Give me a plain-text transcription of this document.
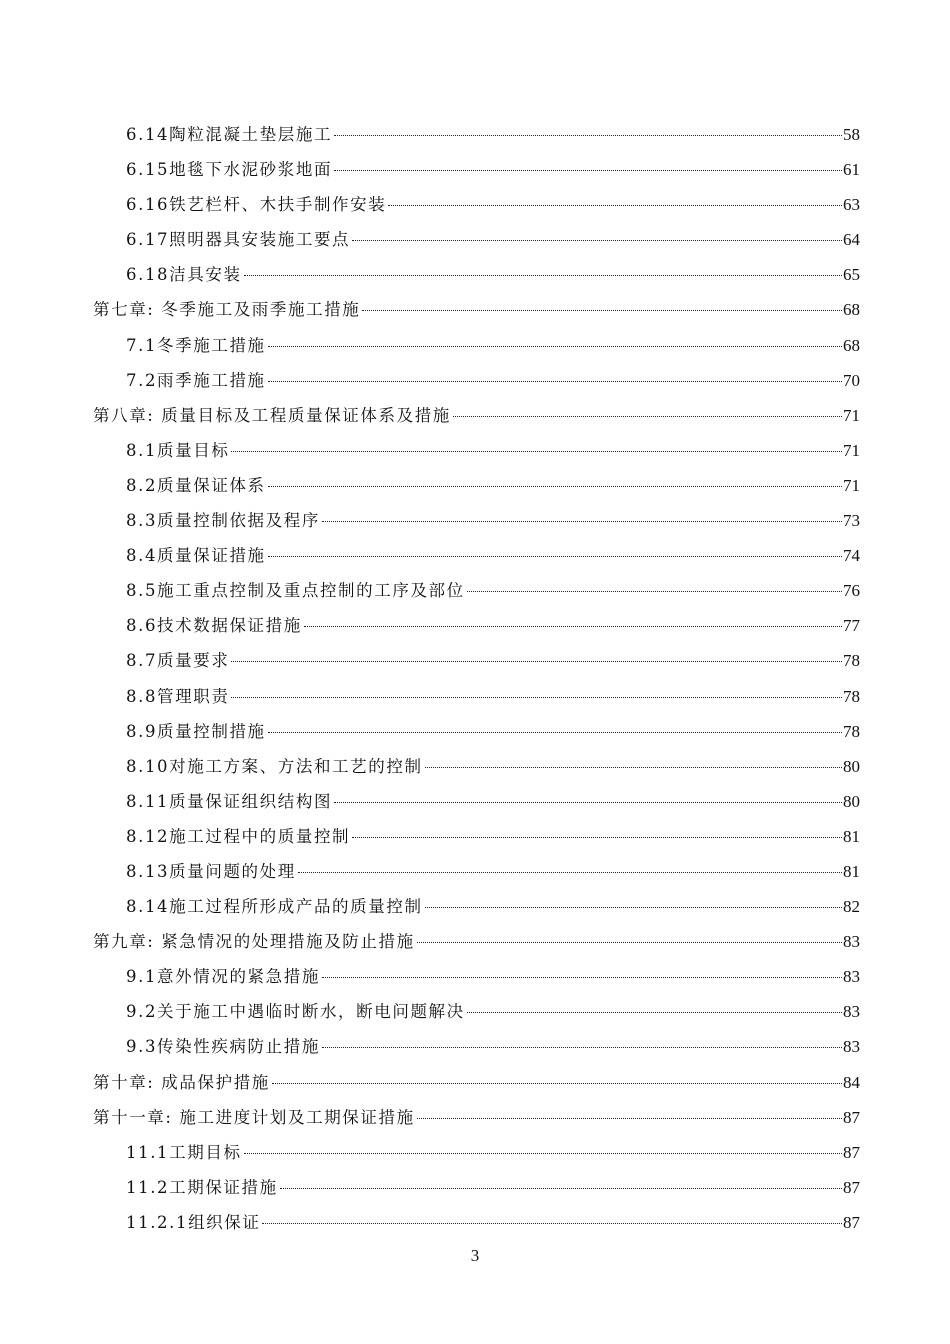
6.14陶粒混凝土垫层施工	58
6.15地毯下水泥砂浆地面	61
6.16铁艺栏杆、木扶手制作安装	63
6.17照明器具安装施工要点	64
6.18洁具安装	65
第七章: 冬季施工及雨季施工措施	68
7.1冬季施工措施	68
7.2雨季施工措施	70
第八章: 质量目标及工程质量保证体系及措施	71
8.1质量目标	71
8.2质量保证体系	71
8.3质量控制依据及程序	73
8.4质量保证措施	74
8.5施工重点控制及重点控制的工序及部位	76
8.6技术数据保证措施	77
8.7质量要求	78
8.8管理职责	78
8.9质量控制措施	78
8.10对施工方案、方法和工艺的控制	80
8.11质量保证组织结构图	80
8.12施工过程中的质量控制	81
8.13质量问题的处理	81
8.14施工过程所形成产品的质量控制	82
第九章: 紧急情况的处理措施及防止措施	83
9.1意外情况的紧急措施	83
9.2关于施工中遇临时断水，断电问题解决	83
9.3传染性疾病防止措施	83
第十章: 成品保护措施	84
第十一章: 施工进度计划及工期保证措施	87
11.1工期目标	87
11.2工期保证措施	87
11.2.1组织保证	87
3
